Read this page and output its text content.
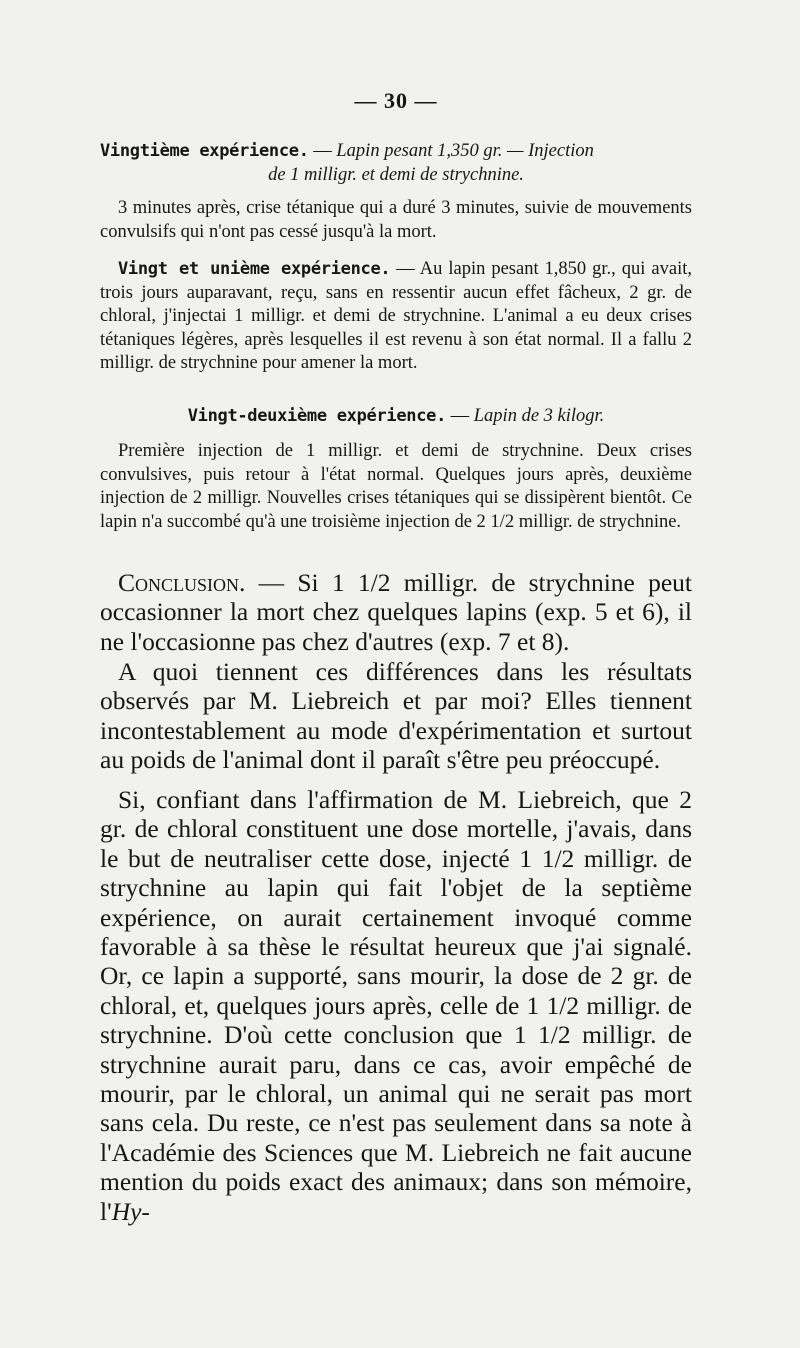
— 30 —
Vingtième expérience. — Lapin pesant 1,350 gr. — Injection
de 1 milligr. et demi de strychnine.
3 minutes après, crise tétanique qui a duré 3 minutes, suivie de mouvements convulsifs qui n'ont pas cessé jusqu'à la mort.
Vingt et unième expérience. — Au lapin pesant 1,850 gr., qui avait, trois jours auparavant, reçu, sans en ressentir aucun effet fâcheux, 2 gr. de chloral, j'injectai 1 milligr. et demi de strychnine. L'animal a eu deux crises tétaniques légères, après lesquelles il est revenu à son état normal. Il a fallu 2 milligr. de strychnine pour amener la mort.
Vingt-deuxième expérience. — Lapin de 3 kilogr.
Première injection de 1 milligr. et demi de strychnine. Deux crises convulsives, puis retour à l'état normal. Quelques jours après, deuxième injection de 2 milligr. Nouvelles crises tétaniques qui se dissipèrent bientôt. Ce lapin n'a succombé qu'à une troisième injection de 2 1/2 milligr. de strychnine.
Conclusion. — Si 1 1/2 milligr. de strychnine peut occasionner la mort chez quelques lapins (exp. 5 et 6), il ne l'occasionne pas chez d'autres (exp. 7 et 8).
A quoi tiennent ces différences dans les résultats observés par M. Liebreich et par moi? Elles tiennent incontestablement au mode d'expérimentation et surtout au poids de l'animal dont il paraît s'être peu préoccupé.
Si, confiant dans l'affirmation de M. Liebreich, que 2 gr. de chloral constituent une dose mortelle, j'avais, dans le but de neutraliser cette dose, injecté 1 1/2 milligr. de strychnine au lapin qui fait l'objet de la septième expérience, on aurait certainement invoqué comme favorable à sa thèse le résultat heureux que j'ai signalé. Or, ce lapin a supporté, sans mourir, la dose de 2 gr. de chloral, et, quelques jours après, celle de 1 1/2 milligr. de strychnine. D'où cette conclusion que 1 1/2 milligr. de strychnine aurait paru, dans ce cas, avoir empêché de mourir, par le chloral, un animal qui ne serait pas mort sans cela. Du reste, ce n'est pas seulement dans sa note à l'Académie des Sciences que M. Liebreich ne fait aucune mention du poids exact des animaux; dans son mémoire, l'Hy-
